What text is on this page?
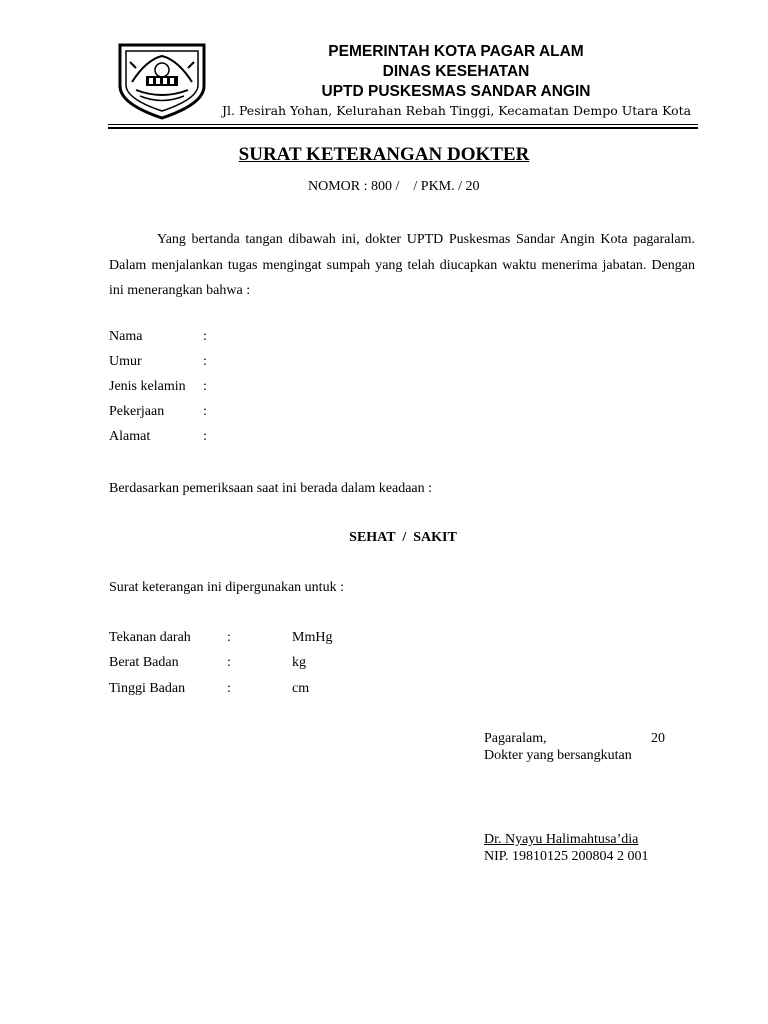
PEMERINTAH KOTA PAGAR ALAM
DINAS KESEHATAN
UPTD PUSKESMAS SANDAR ANGIN
Jl. Pesirah Yohan, Kelurahan Rebah Tinggi, Kecamatan Dempo Utara Kota
SURAT KETERANGAN DOKTER
NOMOR : 800 /    / PKM. / 20
Yang bertanda tangan dibawah ini, dokter UPTD Puskesmas Sandar Angin Kota pagaralam. Dalam menjalankan tugas mengingat sumpah yang telah diucapkan waktu menerima jabatan. Dengan ini menerangkan bahwa :
Nama	:
Umur	:
Jenis kelamin :
Pekerjaan	:
Alamat	:
Berdasarkan pemeriksaan saat ini berada dalam keadaan :
SEHAT  /  SAKIT
Surat keterangan ini dipergunakan untuk :
Tekanan darah	:	MmHg
Berat Badan	:	kg
Tinggi Badan	:	cm
Pagaralam,	20
Dokter yang bersangkutan
Dr. Nyayu Halimahtusa’dia
NIP. 19810125 200804 2 001
